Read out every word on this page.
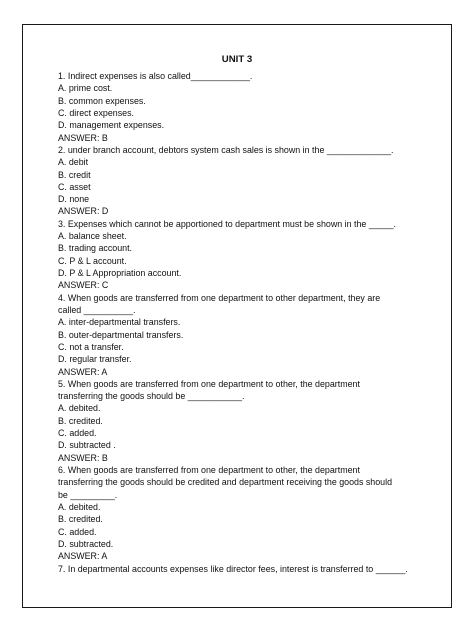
UNIT 3
1. Indirect expenses is also called____________.
A. prime cost.
B. common expenses.
C. direct expenses.
D. management expenses.
ANSWER: B
2. under branch account, debtors system cash sales is shown in the _____________.
A. debit
B. credit
C. asset
D. none
ANSWER: D
3. Expenses which cannot be apportioned to department must be shown in the _____.
A. balance sheet.
B. trading account.
C. P & L account.
D. P & L Appropriation account.
ANSWER: C
4. When goods are transferred from one department to other department, they are
called __________.
A. inter-departmental transfers.
B. outer-departmental transfers.
C. not a transfer.
D. regular transfer.
ANSWER: A
5. When goods are transferred from one department to other, the department
transferring the goods should be ___________.
A. debited.
B. credited.
C. added.
D. subtracted .
ANSWER: B
6. When goods are transferred from one department to other, the department
transferring the goods should be credited and department receiving the goods should
be _________.
A. debited.
B. credited.
C. added.
D. subtracted.
ANSWER: A
7. In departmental accounts expenses like director fees, interest is transferred to ______.
